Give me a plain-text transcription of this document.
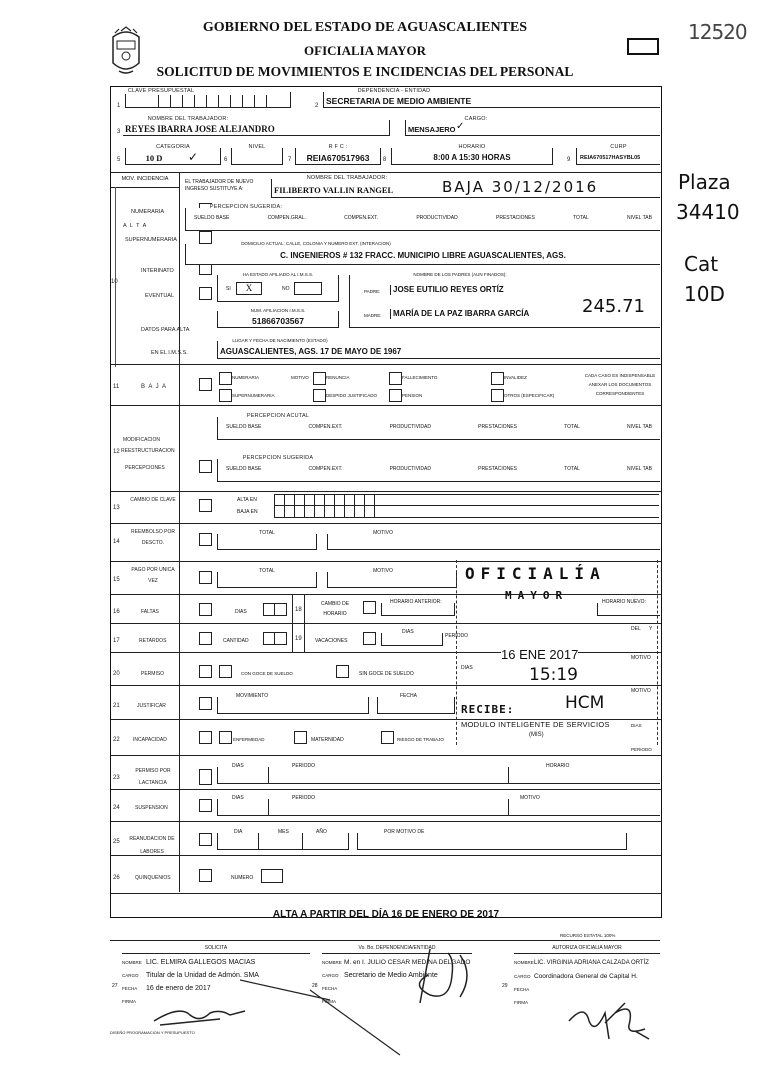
GOBIERNO DEL ESTADO DE AGUASCALIENTES
OFICIALIA MAYOR
SOLICITUD DE MOVIMIENTOS E INCIDENCIAS DEL PERSONAL
12520
Plaza
34410
Cat
10D
1
CLAVE PRESUPUESTAL
2
DEPENDENCIA - ENTIDAD
SECRETARIA DE MEDIO AMBIENTE
3
NOMBRE DEL TRABAJADOR:
REYES IBARRA JOSE ALEJANDRO
CARGO:
MENSAJERO ✓
5
CATEGORIA
10 D	✓	6
NIVEL
7
R F C :
REIA670517963	8
HORARIO
8:00 A 15:30 HORAS	9
CURP
REIA670517HASYBL05
MOV. INCIDENCIA
10
NUMERARIA
A L T A
SUPERNUMERARIA
INTERINATO
EVENTUAL
DATOS PARA ALTA
EN EL I.M.S.S.
EL TRABAJADOR DE NUEVO INGRESO SUSTITUYE A:
NOMBRE DEL TRABAJADOR:
FILIBERTO VALLIN RANGEL	BAJA 30/12/2016
PERCEPCION SUGERIDA:
SUELDO BASE	COMPEN.GRAL.	COMPEN.EXT.	PRODUCTIVIDAD	PRESTACIONES	TOTAL	NIVEL TAB
DOMICILIO ACTUAL: CALLE, COLONIA Y NUMERO EXT. (INTERACION)
C. INGENIEROS # 132 FRACC. MUNICIPIO LIBRE AGUASCALIENTES, AGS.
HA ESTADO AFILIADO AL I.M.S.S.
SI	X	NO
NUM. AFILIACION I.M.S.S.
51866703567
NOMBRE DE LOS PADRES (AUN FINADOS):
PADRE:	JOSE EUTILIO REYES ORTÍZ
MADRE:	MARÍA DE LA PAZ IBARRA GARCÍA	245.71
LUGAR Y FECHA DE NACIMIENTO (ESTADO)
AGUASCALIENTES, AGS. 17 DE MAYO DE 1967
11	B A J A
NUMERARIA
SUPERNUMERARIA
MOTIVO	RENUNCIA
DESPIDO JUSTIFICADO
FALLECIMIENTO
PENSION
INVALIDEZ
OTROS (ESPECIFICAR)
CADA CASO ES INDISPENSABLE
ANEXAR LOS DOCUMENTOS
CORRESPONDIENTES
12
MODIFICACION
REESTRUCTURACION
PERCEPCIONES
PERCEPCION ACUTAL
SUELDO BASE	COMPEN.EXT.	PRODUCTIVIDAD	PRESTACIONES	TOTAL	NIVEL TAB
PERCEPCION SUGERIDA
SUELDO BASE	COMPEN.EXT.	PRODUCTIVIDAD	PRESTACIONES	TOTAL	NIVEL TAB
13
CAMBIO DE CLAVE	ALTA EN
BAJA EN
14
REEMBOLSO POR DESCTO.
TOTAL	MOTIVO
15
PAGO POR UNICA VEZ
TOTAL	MOTIVO
16	FALTAS	DIAS	18
CAMBIO DE HORARIO
HORARIO ANTERIOR:	HORARIO NUEVO:
17	RETARDOS	CANTIDAD	19	VACACIONES
DIAS
PERIODO
DEL Y
20	PERMISO	CON GOCE DE SUELDO	SIN GOCE DE SUELDO
DIAS
MOTIVO
21	JUSTIFICAR
MOVIMIENTO	FECHA
MOTIVO
22	INCAPACIDAD	ENFERMEDAD	MATERNIDAD	RIESGO DE TRABAJO
DIAS
PERIODO
23
PERMISO POR LACTANCIA
DIAS	PERIODO	HORARIO
24	SUSPENSION
DIAS	PERIODO	MOTIVO
25	REANUDACION DE LABORES
DIA	MES	AÑO	POR MOTIVO DE
26	QUINQUENIOS	NUMERO
ALTA A PARTIR DEL DÍA 16 DE ENERO DE 2017
RECURSO ESTATAL 100%
SOLICITA
NOMBRE LIC. ELMIRA GALLEGOS MACIAS
CARGO Titular de la Unidad de Admón. SMA
FECHA 16 de enero de 2017
FIRMA
27
DISEÑO PROGRAMACION Y PRESUPUESTO
Vo. Bo. DEPENDENCIA/ENTIDAD
NOMBRE M. en I. JULIO CESAR MEDINA DELGADO
CARGO Secretario de Medio Ambiente
FECHA
FIRMA
28
AUTORIZA OFICIALIA MAYOR
NOMBRELIC. VIRGINIA ADRIANA CALZADA ORTÍZ
CARGO Coordinadora General de Capital H.
FECHA
FIRMA
29
OFICIALÍA
MAYOR
16 ENE 2017
15:19
RECIBE:	HCM
MODULO INTELIGENTE DE SERVICIOS
(MIS)
